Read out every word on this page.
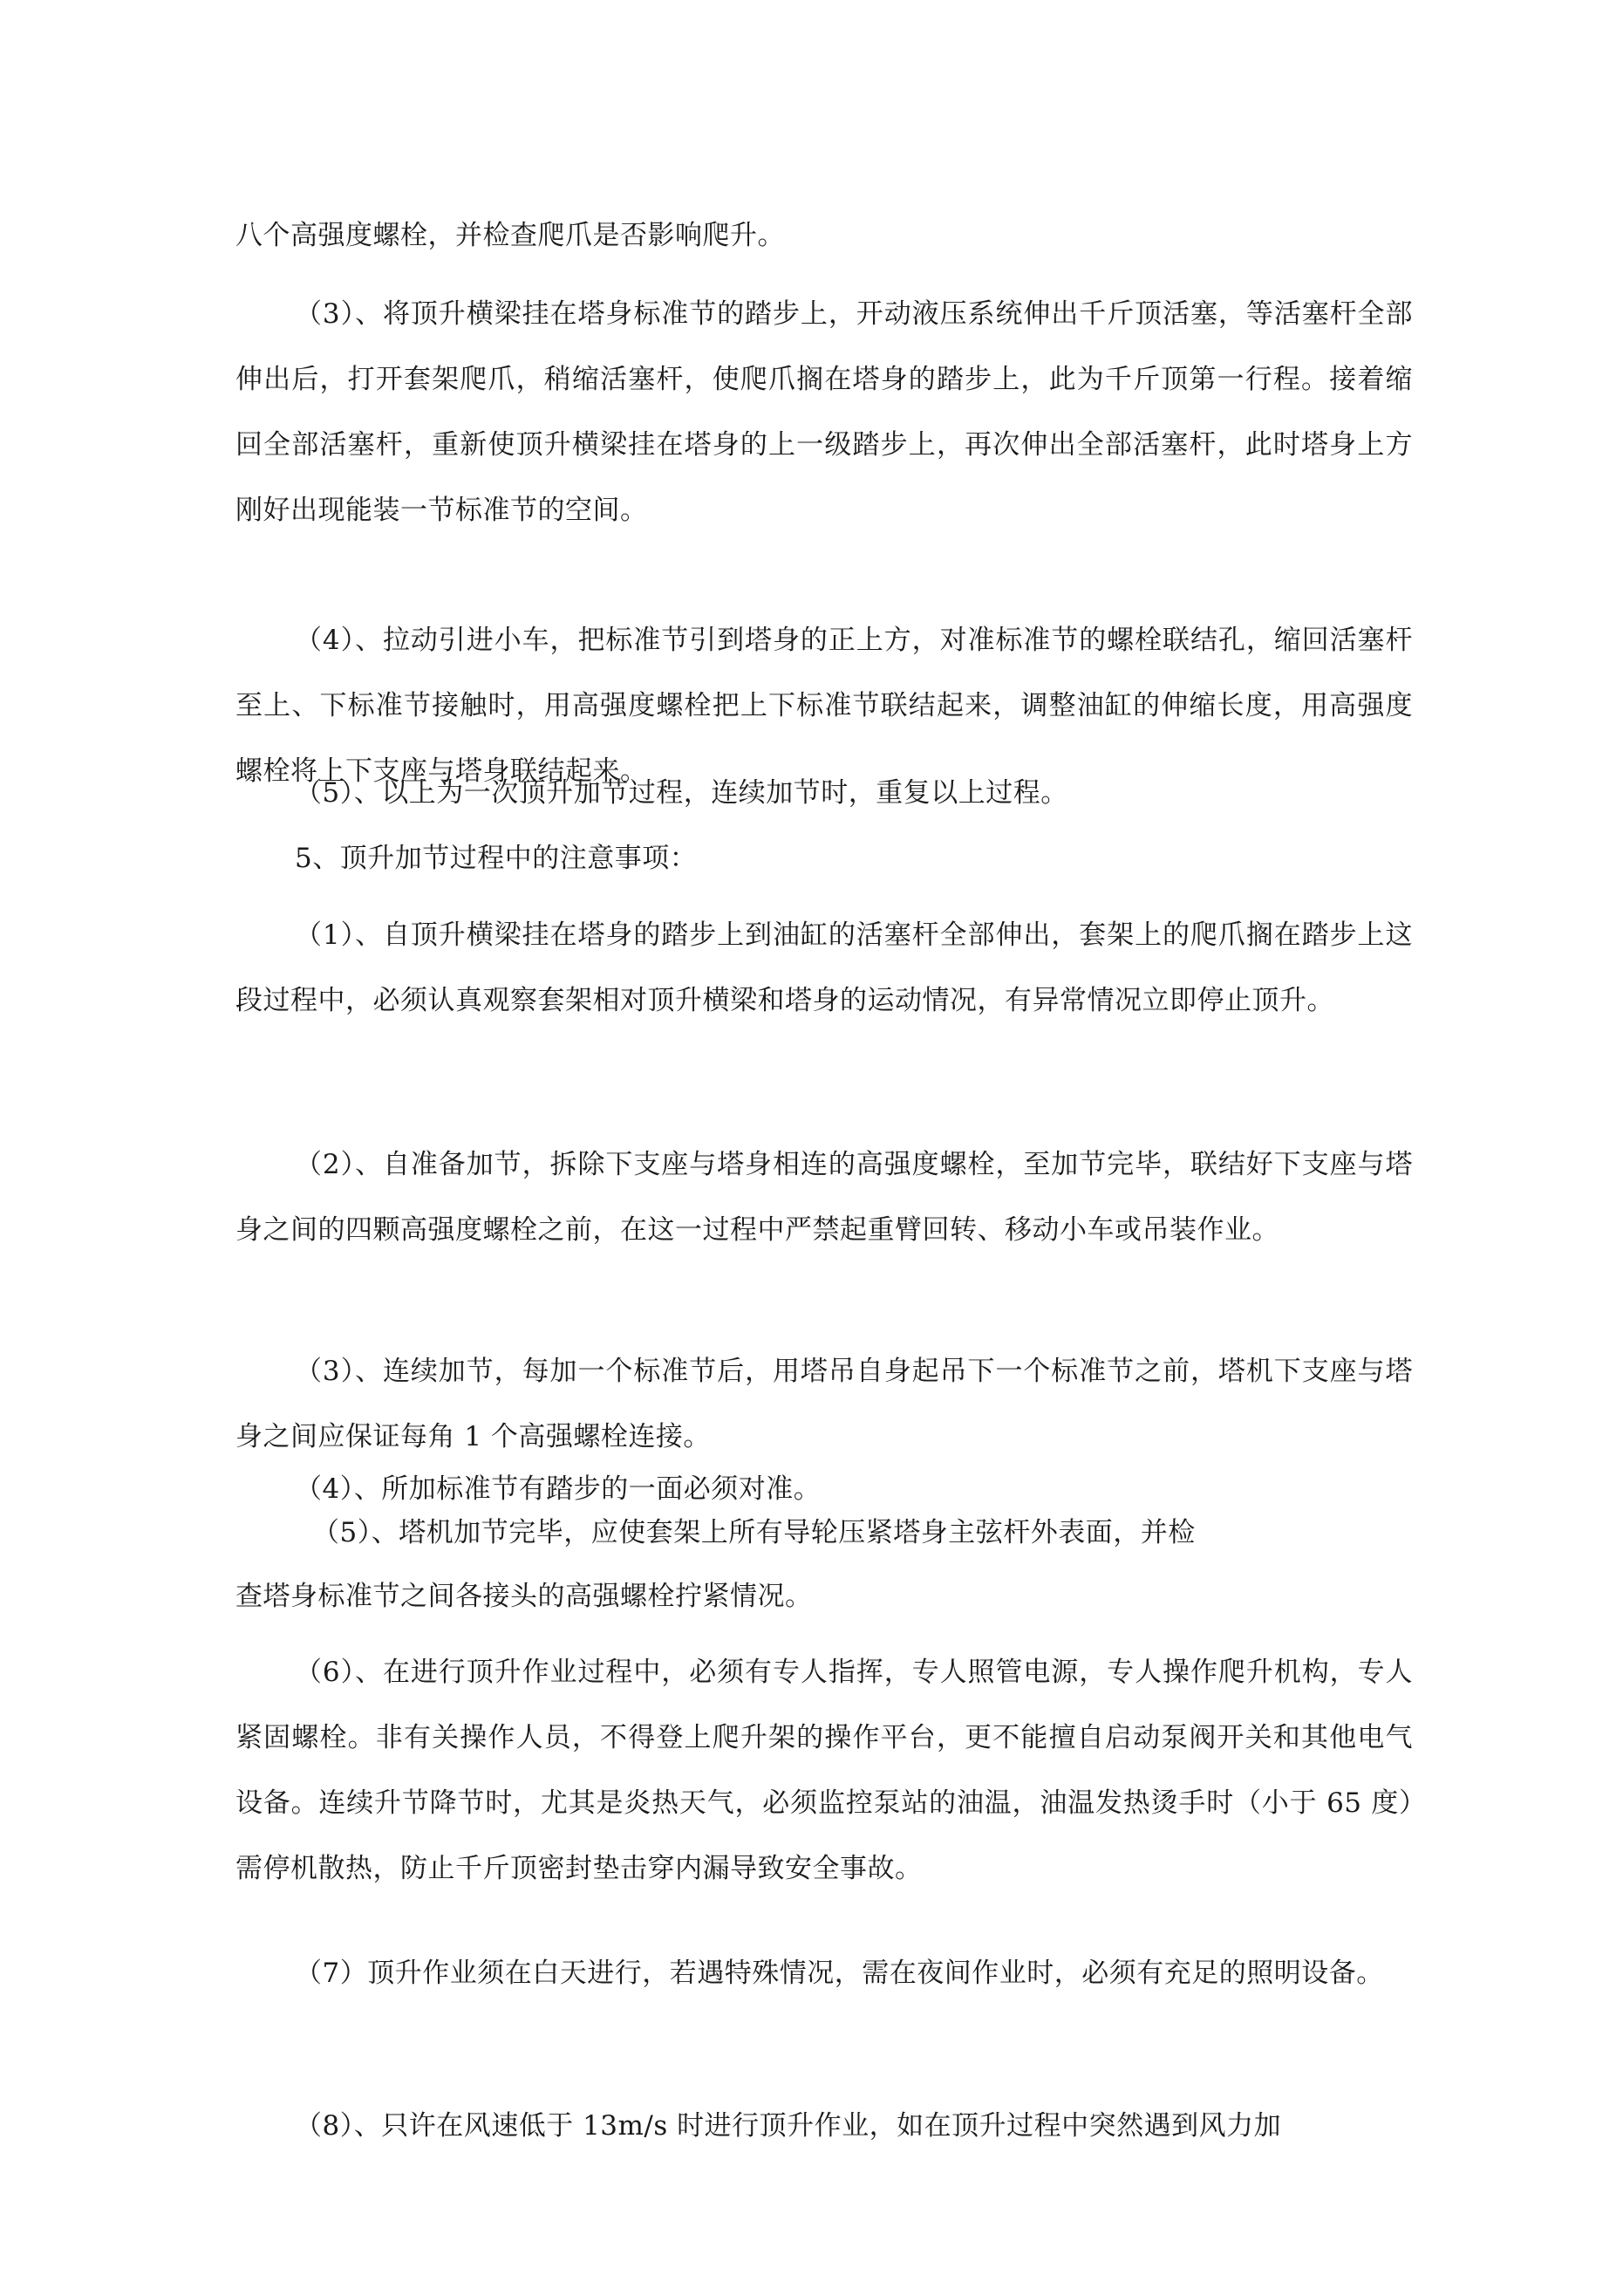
八个高强度螺栓，并检查爬爪是否影响爬升。

（3）、将顶升横梁挂在塔身标准节的踏步上，开动液压系统伸出千斤顶活塞，等活塞杆全部伸出后，打开套架爬爪，稍缩活塞杆，使爬爪搁在塔身的踏步上，此为千斤顶第一行程。接着缩回全部活塞杆，重新使顶升横梁挂在塔身的上一级踏步上，再次伸出全部活塞杆，此时塔身上方刚好出现能装一节标准节的空间。

（4）、拉动引进小车，把标准节引到塔身的正上方，对准标准节的螺栓联结孔，缩回活塞杆至上、下标准节接触时，用高强度螺栓把上下标准节联结起来，调整油缸的伸缩长度，用高强度螺栓将上下支座与塔身联结起来。

（5）、以上为一次顶升加节过程，连续加节时，重复以上过程。

5、顶升加节过程中的注意事项：

（1）、自顶升横梁挂在塔身的踏步上到油缸的活塞杆全部伸出，套架上的爬爪搁在踏步上这段过程中，必须认真观察套架相对顶升横梁和塔身的运动情况，有异常情况立即停止顶升。

（2）、自准备加节，拆除下支座与塔身相连的高强度螺栓，至加节完毕，联结好下支座与塔身之间的四颗高强度螺栓之前，在这一过程中严禁起重臂回转、移动小车或吊装作业。

（3）、连续加节，每加一个标准节后，用塔吊自身起吊下一个标准节之前，塔机下支座与塔身之间应保证每角 1 个高强螺栓连接。

（4）、所加标准节有踏步的一面必须对准。

（5）、塔机加节完毕，应使套架上所有导轮压紧塔身主弦杆外表面，并检

查塔身标准节之间各接头的高强螺栓拧紧情况。

（6）、在进行顶升作业过程中，必须有专人指挥，专人照管电源，专人操作爬升机构，专人紧固螺栓。非有关操作人员，不得登上爬升架的操作平台，更不能擅自启动泵阀开关和其他电气设备。连续升节降节时，尤其是炎热天气，必须监控泵站的油温，油温发热烫手时（小于 65 度）需停机散热，防止千斤顶密封垫击穿内漏导致安全事故。

（7）顶升作业须在白天进行，若遇特殊情况，需在夜间作业时，必须有充足的照明设备。

（8）、只许在风速低于 13m/s 时进行顶升作业，如在顶升过程中突然遇到风力加
